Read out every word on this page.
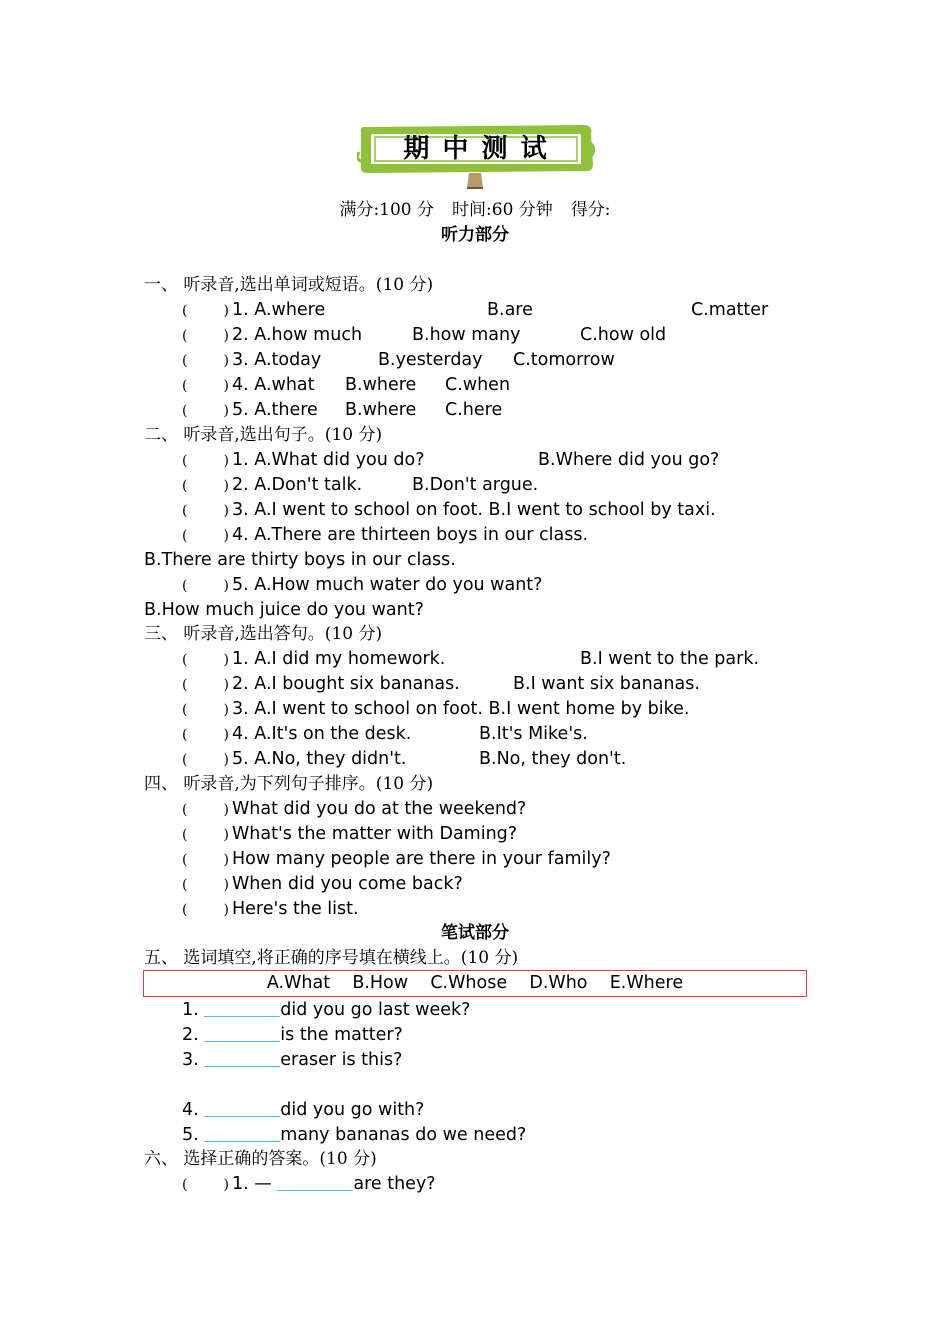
期 中 测 试
满分:100 分 时间:60 分钟 得分:
听力部分
一、 听录音,选出单词或短语。(10 分)
(	) 1. A.where	B.are	C.matter
(	) 2. A.how much	B.how many	C.how old
(	) 3. A.today	B.yesterday C.tomorrow
(	) 4. A.what B.where C.when
(	) 5. A.there B.where C.here
二、 听录音,选出句子。(10 分)
(	) 1. A.What did you do?	B.Where did you go?
(	) 2. A.Don't talk.	B.Don't argue.
(	) 3. A.I went to school on foot. B.I went to school by taxi.
(	) 4. A.There are thirteen boys in our class.
B.There are thirty boys in our class.
(	) 5. A.How much water do you want?
B.How much juice do you want?
三、 听录音,选出答句。(10 分)
(	) 1. A.I did my homework.	B.I went to the park.
(	) 2. A.I bought six bananas.	B.I want six bananas.
(	) 3. A.I went to school on foot. B.I went home by bike.
(	) 4. A.It's on the desk.	B.It's Mike's.
(	) 5. A.No, they didn't.	B.No, they don't.
四、 听录音,为下列句子排序。(10 分)
(	) What did you do at the weekend?
(	) What's the matter with Daming?
(	) How many people are there in your family?
(	) When did you come back?
(	) Here's the list.
笔试部分
五、 选词填空,将正确的序号填在横线上。(10 分)
A.What    B.How    C.Whose    D.Who    E.Where
1.	did you go last week?
2.	is the matter?
3.	eraser is this?
4.	did you go with?
5.	many bananas do we need?
六、 选择正确的答案。(10 分)
(	) 1. —	are they?
